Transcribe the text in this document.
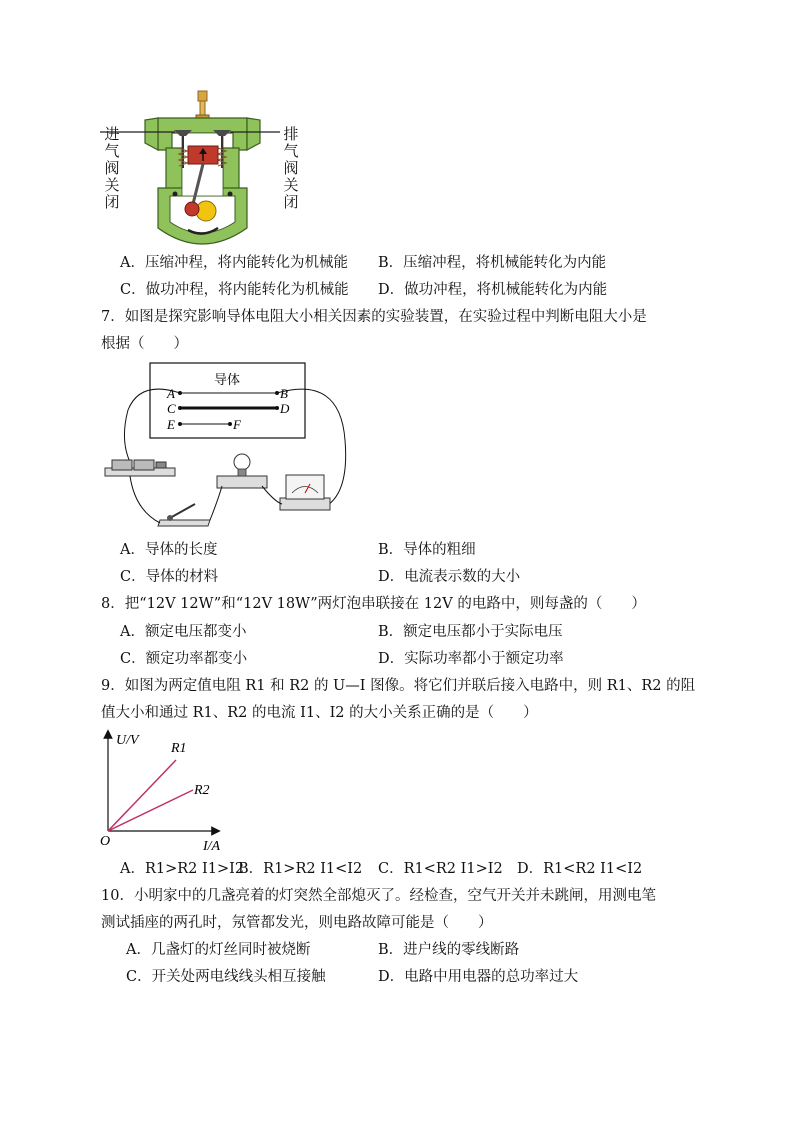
进
气
阀
关
闭
排
气
阀
关
闭
A．压缩冲程，将内能转化为机械能 B．压缩冲程，将机械能转化为内能
C．做功冲程，将内能转化为机械能 D．做功冲程，将机械能转化为内能
7．如图是探究影响导体电阻大小相关因素的实验装置，在实验过程中判断电阻大小是
根据（　　）
导体
A	B
C	D
E	F
A．导体的长度	B．导体的粗细
C．导体的材料	D．电流表示数的大小
8．把“12V 12W”和“12V 18W”两灯泡串联接在 12V 的电路中，则每盏的（　　）
A．额定电压都变小	B．额定电压都小于实际电压
C．额定功率都变小	D．实际功率都小于额定功率
9．如图为两定值电阻 R1 和 R2 的 U—I 图像。将它们并联后接入电路中，则 R1、R2 的阻
值大小和通过 R1、R2 的电流 I1、I2 的大小关系正确的是（　　）
U/V
R1
R2
O	I/A
A．R1>R2 I1>I2
B．R1>R2 I1<I2 C．R1<R2 I1>I2 D．R1<R2 I1<I2
10．小明家中的几盏亮着的灯突然全部熄灭了。经检查，空气开关并未跳闸，用测电笔
测试插座的两孔时，氖管都发光，则电路故障可能是（　　）
A．几盏灯的灯丝同时被烧断	B．进户线的零线断路
C．开关处两电线线头相互接触	D．电路中用电器的总功率过大
